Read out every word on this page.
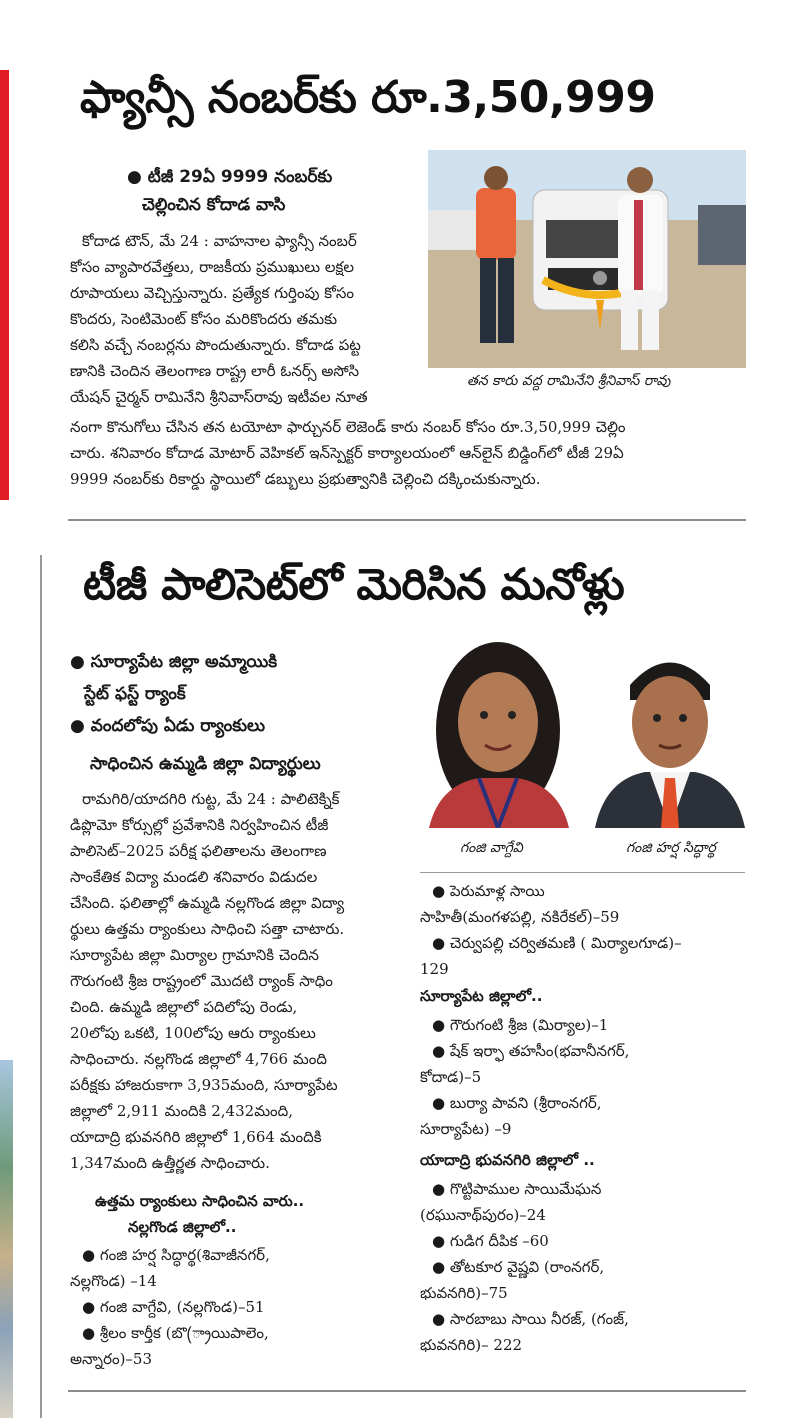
ఫ్యాన్సీ నంబర్‌కు రూ.3,50,999
● టీజీ 29ఏ 9999 నంబర్‌కు
చెల్లించిన కోదాడ వాసి
కోదాడ టౌన్, మే 24 : వాహనాల ఫ్యాన్సీ నంబర్
కోసం వ్యాపారవేత్తలు, రాజకీయ ప్రముఖులు లక్షల
రూపాయలు వెచ్చిస్తున్నారు. ప్రత్యేక గుర్తింపు కోసం
కొందరు, సెంటిమెంట్ కోసం మరికొందరు తమకు
కలిసి వచ్చే నంబర్లను పొందుతున్నారు. కోదాడ పట్ట
ణానికి చెందిన తెలంగాణ రాష్ట్ర లారీ ఓనర్స్ అసోసి
యేషన్ చైర్మన్ రామినేని శ్రీనివాస్‌రావు ఇటీవల నూత
తన కారు వద్ద రామినేని శ్రీనివాస్ రావు
నంగా కొనుగోలు చేసిన తన టయోటా ఫార్చునర్ లెజెండ్ కారు నంబర్ కోసం రూ.3,50,999 చెల్లిం
చారు. శనివారం కోదాడ మోటార్ వెహికల్ ఇన్‌స్పెక్టర్ కార్యాలయంలో ఆన్‌లైన్ బిడ్డింగ్‌లో టీజీ 29ఏ
9999 నంబర్‌కు రికార్డు స్థాయిలో డబ్బులు ప్రభుత్వానికి చెల్లించి దక్కించుకున్నారు.
టీజీ పాలిసెట్‌లో మెరిసిన మనోళ్లు
● సూర్యాపేట జిల్లా అమ్మాయికి
స్టేట్ ఫస్ట్ ర్యాంక్
● వందలోపు ఏడు ర్యాంకులు
సాధించిన ఉమ్మడి జిల్లా విద్యార్థులు
రామగిరి/యాదగిరి గుట్ట, మే 24 : పాలిటెక్నిక్
డిప్లొమో కోర్సుల్లో ప్రవేశానికి నిర్వహించిన టీజీ
పాలిసెట్–2025 పరీక్ష ఫలితాలను తెలంగాణ
సాంకేతిక విద్యా మండలి శనివారం విడుదల
చేసింది. ఫలితాల్లో ఉమ్మడి నల్లగొండ జిల్లా విద్యా
ర్థులు ఉత్తమ ర్యాంకులు సాధించి సత్తా చాటారు.
సూర్యాపేట జిల్లా మిర్యాల గ్రామానికి చెందిన
గౌరుగంటి శ్రీజ రాష్ట్రంలో మొదటి ర్యాంక్ సాధిం
చింది. ఉమ్మడి జిల్లాలో పదిలోపు రెండు,
20లోపు ఒకటి, 100లోపు ఆరు ర్యాంకులు
సాధించారు. నల్లగొండ జిల్లాలో 4,766 మంది
పరీక్షకు హాజరుకాగా 3,935మంది, సూర్యాపేట
జిల్లాలో 2,911 మందికి 2,432మంది,
యాదాద్రి భువనగిరి జిల్లాలో 1,664 మందికి
1,347మంది ఉత్తీర్ణత సాధించారు.
ఉత్తమ ర్యాంకులు సాధించిన వారు..
నల్లగొండ జిల్లాలో..
● గంజి హర్ష సిద్ధార్థ(శివాజీనగర్,
నల్లగొండ) –14
● గంజి వాగ్దేవి, (నల్లగొండ)–51
● శ్రీలం కార్తీక (బొ(్రాయిపాలెం,
అన్నారం)–53
గంజి వాగ్దేవి	గంజి హర్ష సిద్ధార్థ
● పెరుమాళ్ల సాయి
సాహితీ(మంగళపల్లి, నకిరేకల్)–59
● చెర్వుపల్లి చర్విత‌మణి ( మిర్యాలగూడ)–
129
సూర్యాపేట జిల్లాలో..
● గౌరుగంటి శ్రీజ (మిర్యాల)–1
● షేక్ ఇర్ఫా తహసీం(భవానీనగర్,
కోదాడ)–5
● బుర్యా పావని (శ్రీరాంనగర్,
సూర్యాపేట) –9
యాదాద్రి భువనగిరి జిల్లాలో ..
● గొట్టిపాముల సాయిమేఘన
(రఘునాథ్‌పురం)–24
● గుడిగ దీపిక –60
● తోటకూర వైష్ణవి (రాంనగర్,
భువనగిరి)–75
● సారబాబు సాయి నీరజ్, (గంజ్,
భువనగిరి)– 222
